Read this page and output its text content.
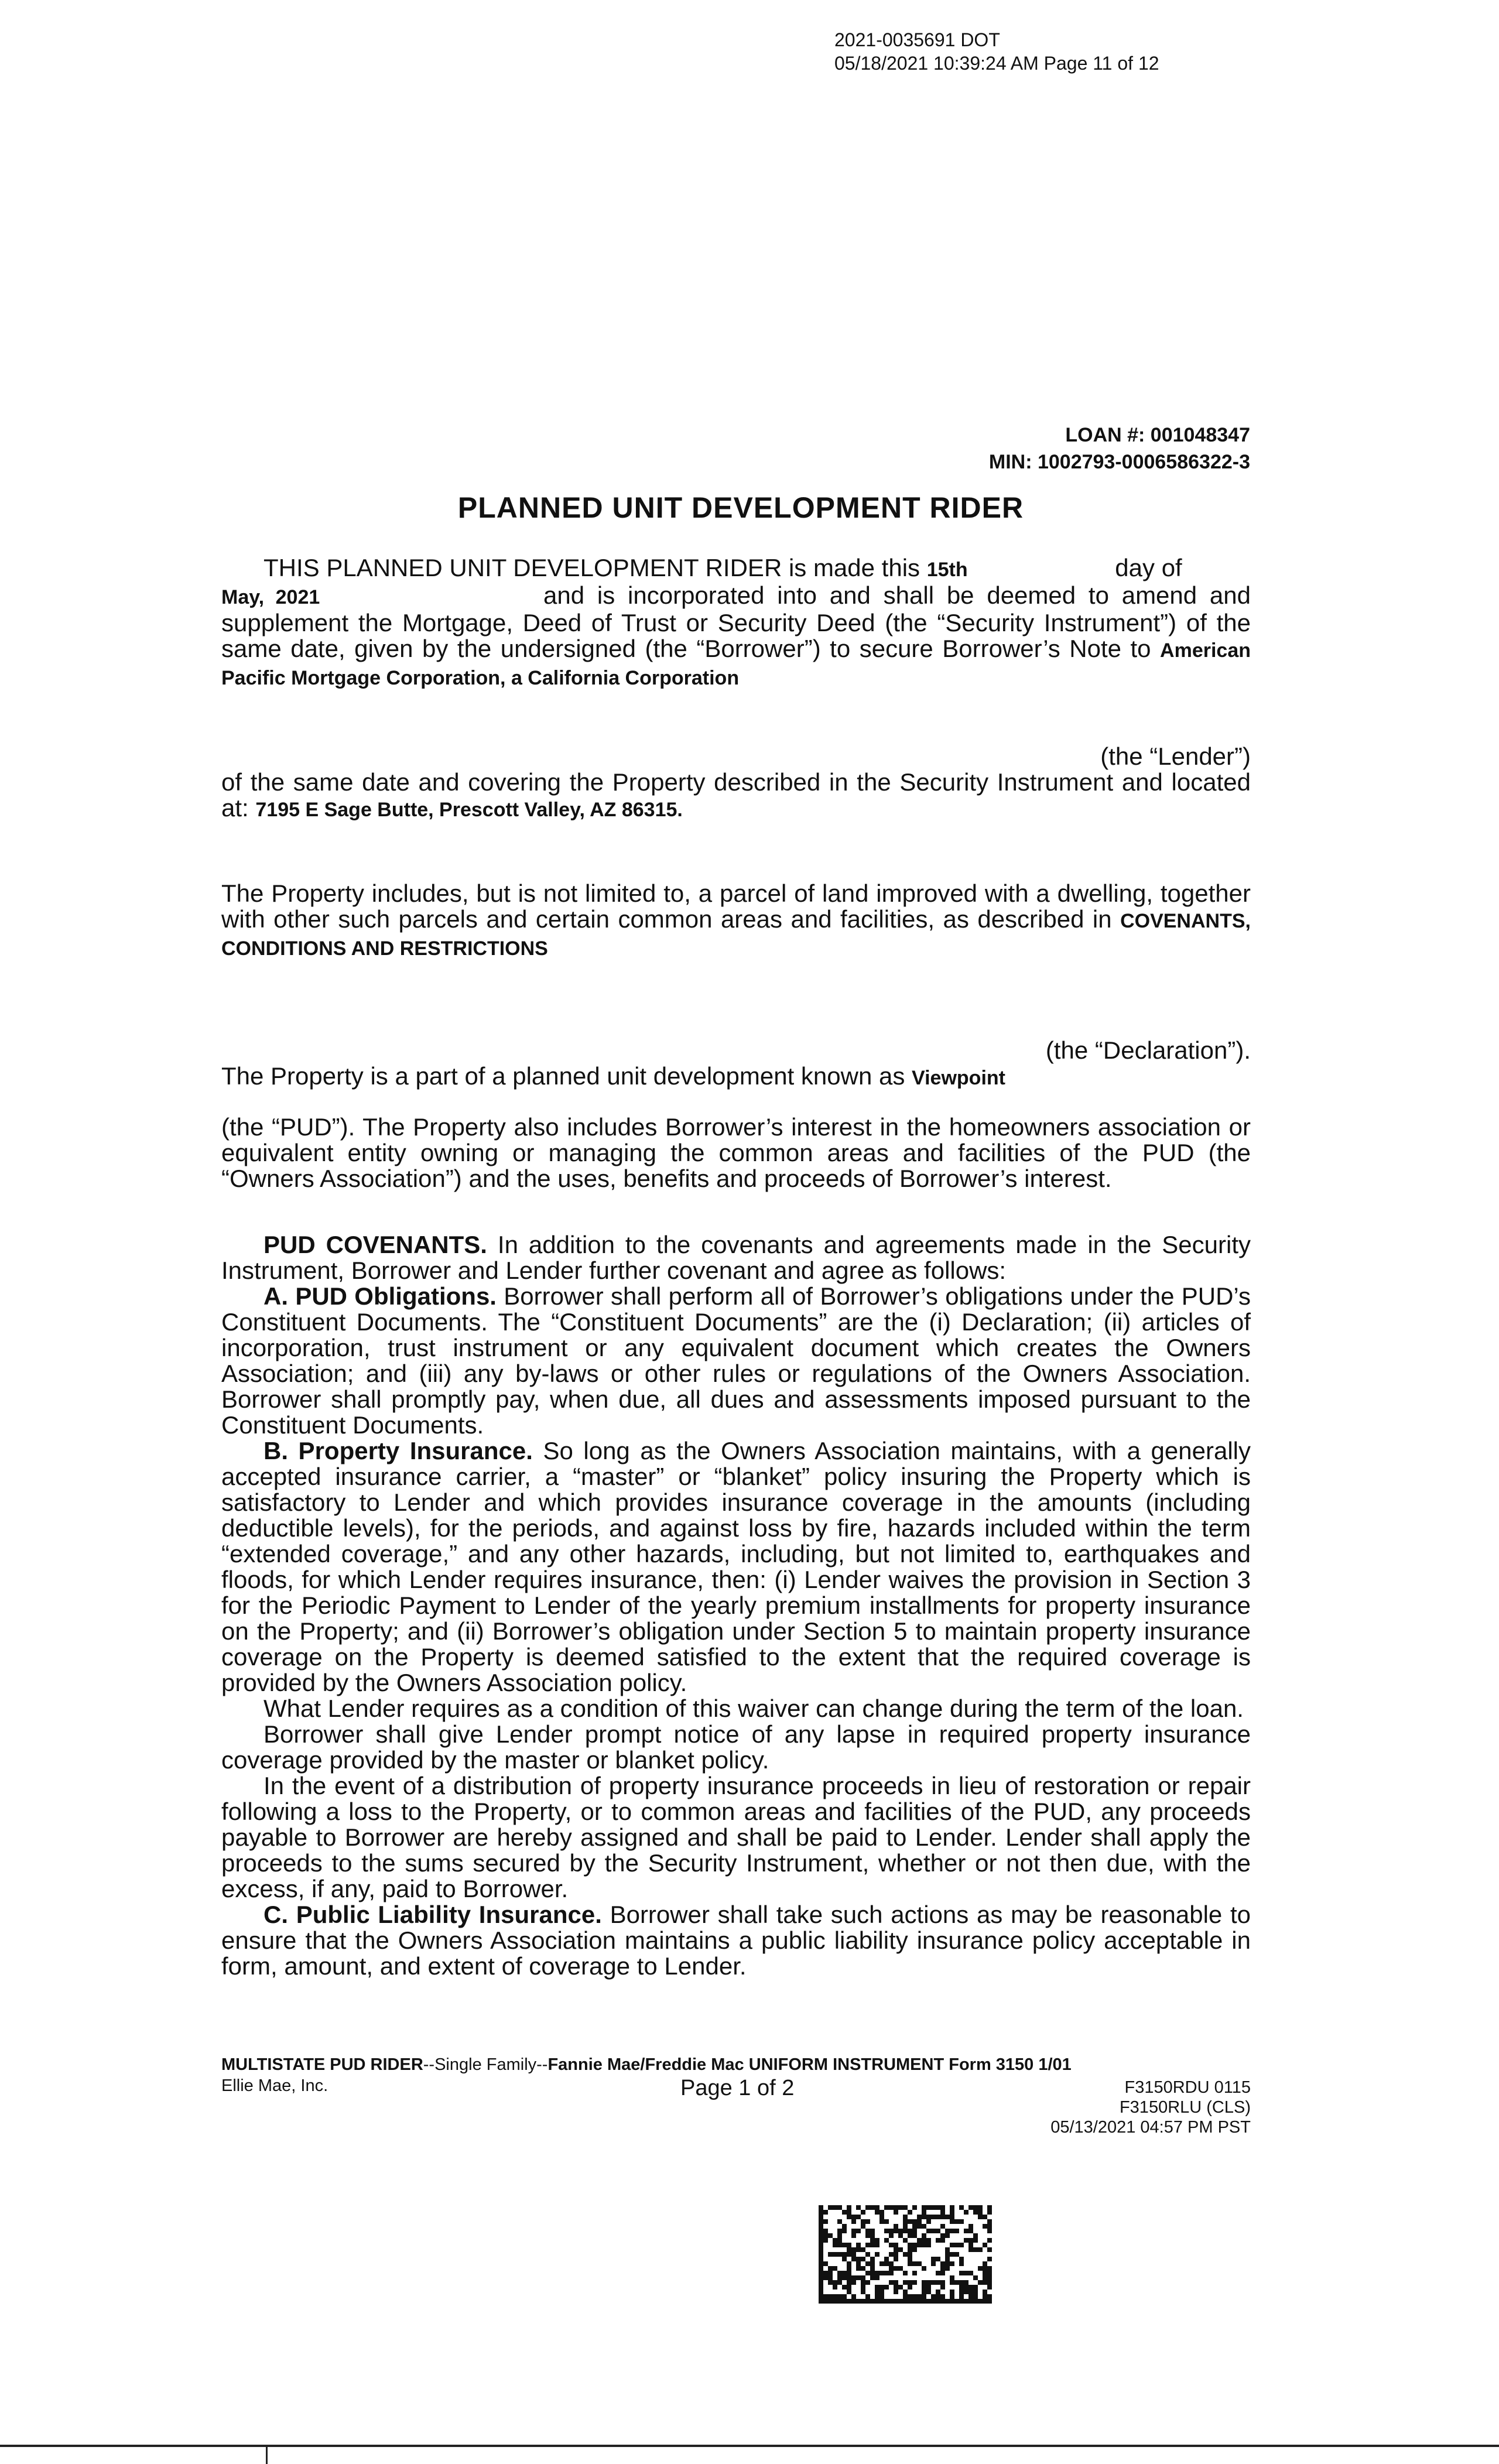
2021-0035691 DOT
05/18/2021 10:39:24 AM Page 11 of 12
LOAN #: 001048347
MIN: 1002793-0006586322-3
PLANNED UNIT DEVELOPMENT RIDER

THIS PLANNED UNIT DEVELOPMENT RIDER is made this 15th	day of
May, 2021	and is incorporated into and shall be deemed to amend and supplement the Mortgage, Deed of Trust or Security Deed (the “Security Instrument”) of the same date, given by the undersigned (the “Borrower”) to secure Borrower’s Note to American Pacific Mortgage Corporation, a California Corporation

(the “Lender”)

of the same date and covering the Property described in the Security Instrument and located at: 7195 E Sage Butte, Prescott Valley, AZ 86315.

The Property includes, but is not limited to, a parcel of land improved with a dwelling, together with other such parcels and certain common areas and facilities, as described in COVENANTS, CONDITIONS AND RESTRICTIONS

(the “Declaration”).

The Property is a part of a planned unit development known as Viewpoint

(the “PUD”). The Property also includes Borrower’s interest in the homeowners association or equivalent entity owning or managing the common areas and facilities of the PUD (the “Owners Association”) and the uses, benefits and proceeds of Borrower’s interest.

PUD COVENANTS. In addition to the covenants and agreements made in the Security Instrument, Borrower and Lender further covenant and agree as follows:

A. PUD Obligations. Borrower shall perform all of Borrower’s obligations under the PUD’s Constituent Documents. The “Constituent Documents” are the (i) Declaration; (ii) articles of incorporation, trust instrument or any equivalent document which creates the Owners Association; and (iii) any by-laws or other rules or regulations of the Owners Association. Borrower shall promptly pay, when due, all dues and assessments imposed pursuant to the Constituent Documents.

B. Property Insurance. So long as the Owners Association maintains, with a generally accepted insurance carrier, a “master” or “blanket” policy insuring the Property which is satisfactory to Lender and which provides insurance coverage in the amounts (including deductible levels), for the periods, and against loss by fire, hazards included within the term “extended coverage,” and any other hazards, including, but not limited to, earthquakes and floods, for which Lender requires insurance, then: (i) Lender waives the provision in Section 3 for the Periodic Payment to Lender of the yearly premium installments for property insurance on the Property; and (ii) Borrower’s obligation under Section 5 to maintain property insurance coverage on the Property is deemed satisfied to the extent that the required coverage is provided by the Owners Association policy.

What Lender requires as a condition of this waiver can change during the term of the loan.

Borrower shall give Lender prompt notice of any lapse in required property insurance coverage provided by the master or blanket policy.

In the event of a distribution of property insurance proceeds in lieu of restoration or repair following a loss to the Property, or to common areas and facilities of the PUD, any proceeds payable to Borrower are hereby assigned and shall be paid to Lender. Lender shall apply the proceeds to the sums secured by the Security Instrument, whether or not then due, with the excess, if any, paid to Borrower.

C. Public Liability Insurance. Borrower shall take such actions as may be reasonable to ensure that the Owners Association maintains a public liability insurance policy acceptable in form, amount, and extent of coverage to Lender.

MULTISTATE PUD RIDER--Single Family--Fannie Mae/Freddie Mac UNIFORM INSTRUMENT Form 3150 1/01
Ellie Mae, Inc.	Page 1 of 2	F3150RDU 0115
F3150RLU (CLS)
05/13/2021 04:57 PM PST
